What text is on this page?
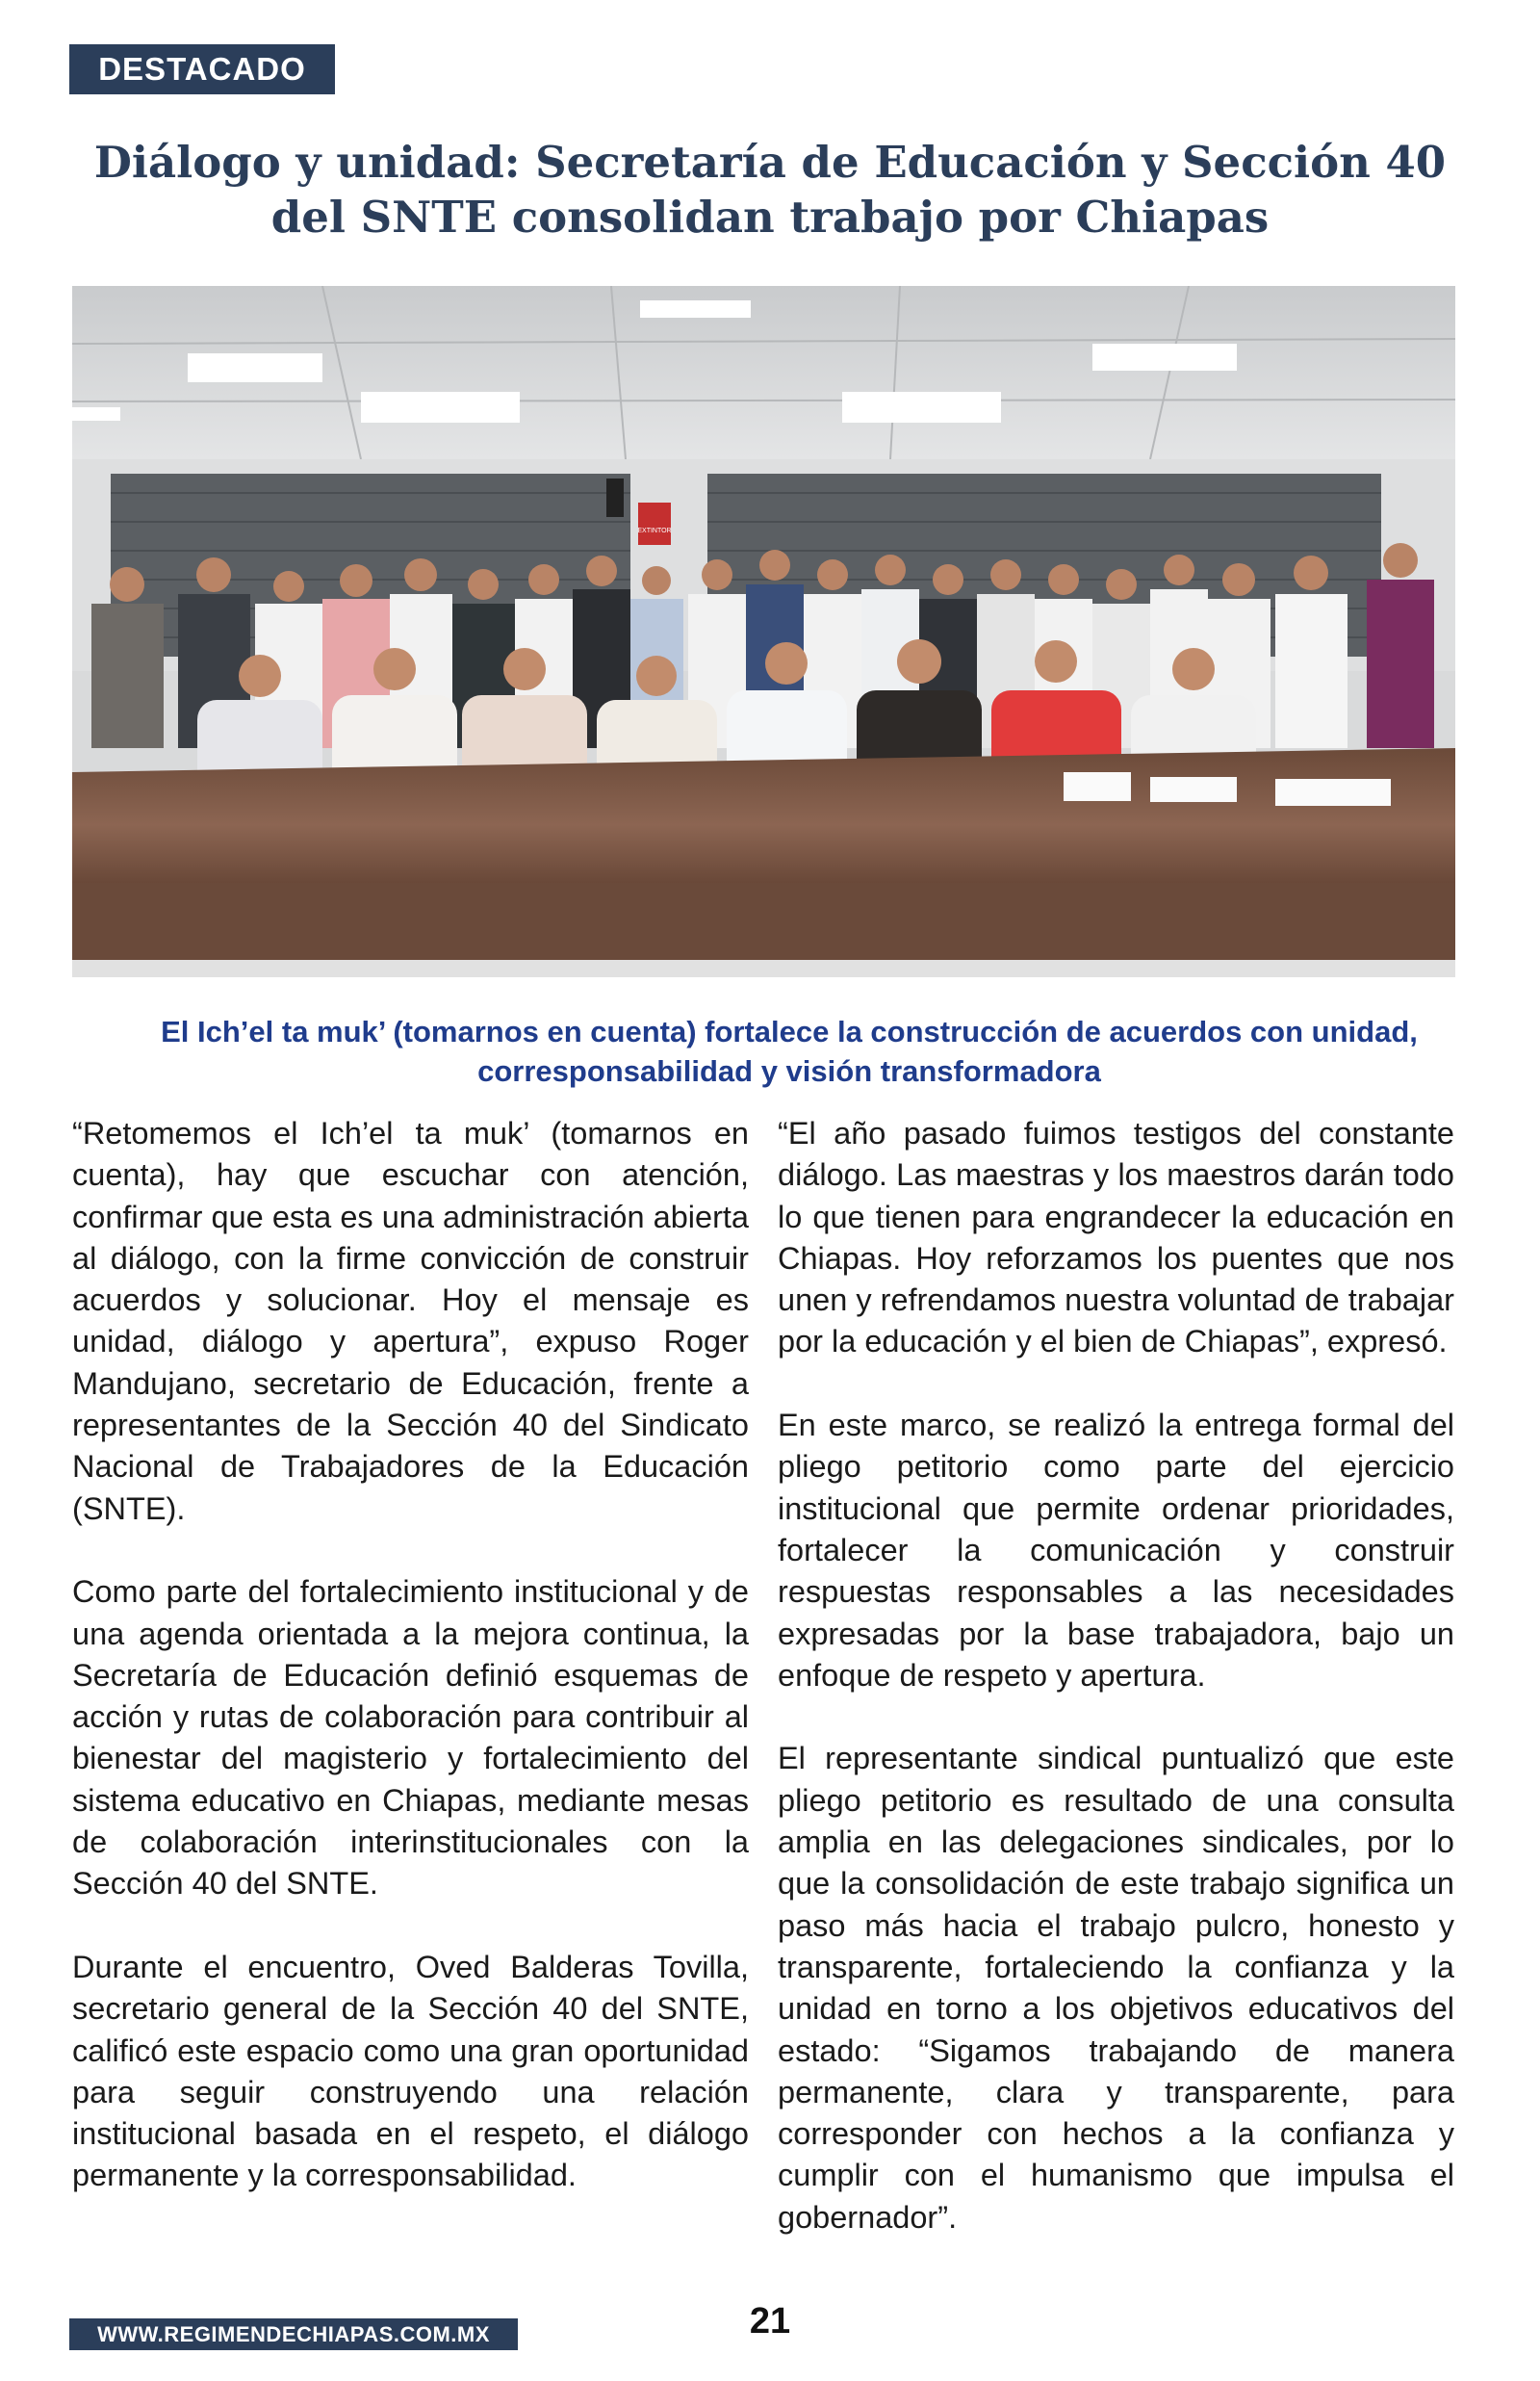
DESTACADO
Diálogo y unidad: Secretaría de Educación y Sección 40 del SNTE consolidan trabajo por Chiapas
EXTINTOR

El Ich’el ta muk’ (tomarnos en cuenta) fortalece la construcción de acuerdos con unidad, corresponsabilidad y visión transformadora

“Retomemos el Ich’el ta muk’ (tomarnos en cuenta), hay que escuchar con atención, confirmar que esta es una administración abierta al diálogo, con la firme convicción de construir acuerdos y solucionar. Hoy el mensaje es unidad, diálogo y apertura”, expuso Roger Mandujano, secretario de Educación, frente a representantes de la Sección 40 del Sindicato Nacional de Trabajadores de la Educación (SNTE).

Como parte del fortalecimiento institucional y de una agenda orientada a la mejora continua, la Secretaría de Educación definió esquemas de acción y rutas de colaboración para contribuir al bienestar del magisterio y fortalecimiento del sistema educativo en Chiapas, mediante mesas de colaboración interinstitucionales con la Sección 40 del SNTE.

Durante el encuentro, Oved Balderas Tovilla, secretario general de la Sección 40 del SNTE, calificó este espacio como una gran oportunidad para seguir construyendo una relación institucional basada en el respeto, el diálogo permanente y la corresponsabilidad.

“El año pasado fuimos testigos del constante diálogo. Las maestras y los maestros darán todo lo que tienen para engrandecer la educación en Chiapas. Hoy reforzamos los puentes que nos unen y refrendamos nuestra voluntad de trabajar por la educación y el bien de Chiapas”, expresó.

En este marco, se realizó la entrega formal del pliego petitorio como parte del ejercicio institucional que permite ordenar prioridades, fortalecer la comunicación y construir respuestas responsables a las necesidades expresadas por la base trabajadora, bajo un enfoque de respeto y apertura.

El representante sindical puntualizó que este pliego petitorio es resultado de una consulta amplia en las delegaciones sindicales, por lo que la consolidación de este trabajo significa un paso más hacia el trabajo pulcro, honesto y transparente, fortaleciendo la confianza y la unidad en torno a los objetivos educativos del estado: “Sigamos trabajando de manera permanente, clara y transparente, para corresponder con hechos a la confianza y cumplir con el humanismo que impulsa el gobernador”.

WWW.REGIMENDECHIAPAS.COM.MX	21
